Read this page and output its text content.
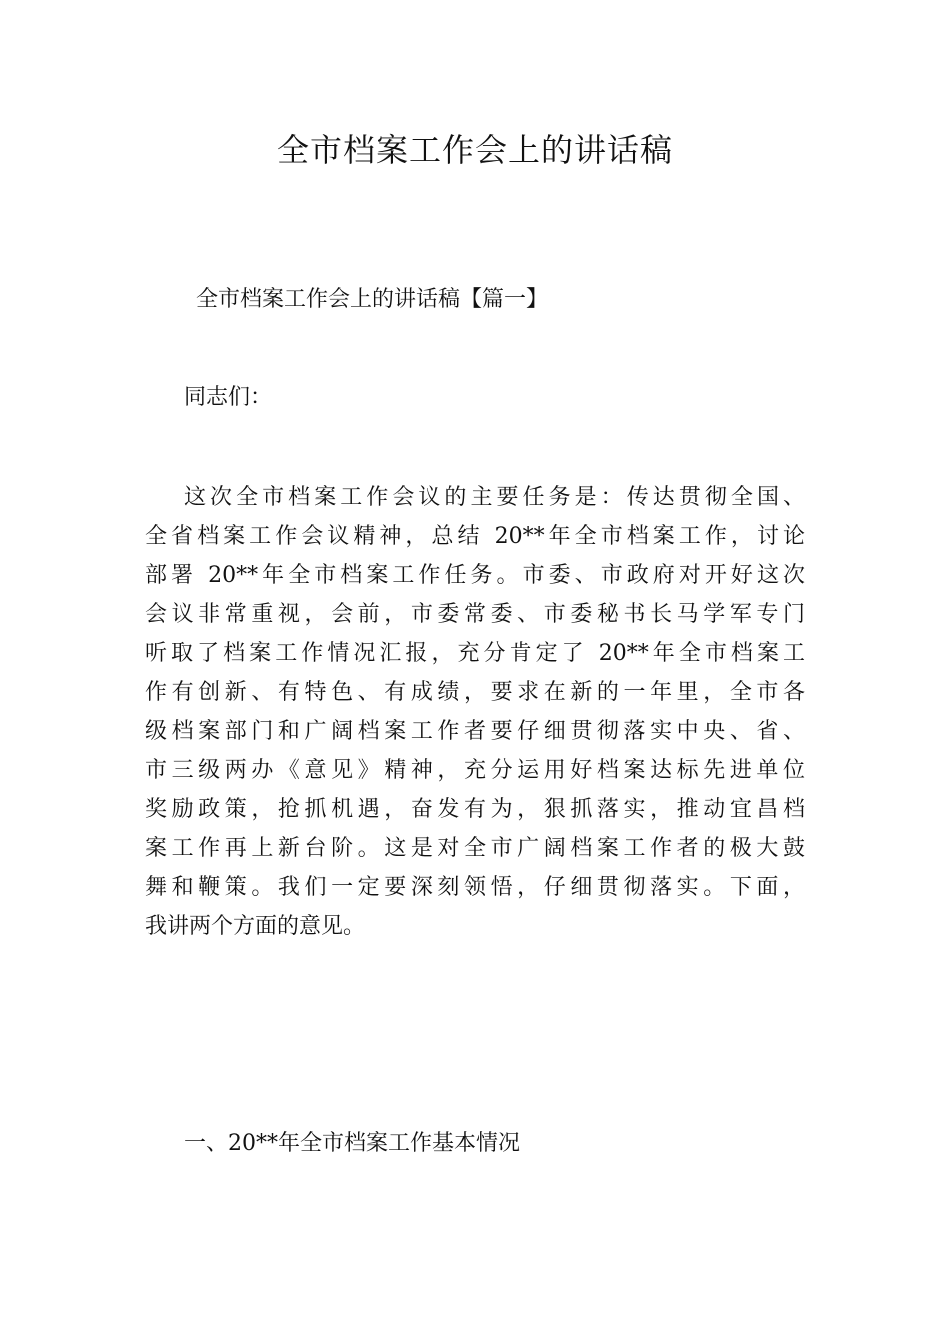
全市档案工作会上的讲话稿
全市档案工作会上的讲话稿【篇一】
同志们：
这次全市档案工作会议的主要任务是：传达贯彻全国、
全省档案工作会议精神，总结 20**年全市档案工作，讨论
部署 20**年全市档案工作任务。市委、市政府对开好这次
会议非常重视，会前，市委常委、市委秘书长马学军专门
听取了档案工作情况汇报，充分肯定了 20**年全市档案工
作有创新、有特色、有成绩，要求在新的一年里，全市各
级档案部门和广阔档案工作者要仔细贯彻落实中央、省、
市三级两办《意见》精神，充分运用好档案达标先进单位
奖励政策，抢抓机遇，奋发有为，狠抓落实，推动宜昌档
案工作再上新台阶。这是对全市广阔档案工作者的极大鼓
舞和鞭策。我们一定要深刻领悟，仔细贯彻落实。下面，
我讲两个方面的意见。
一、20**年全市档案工作基本情况
